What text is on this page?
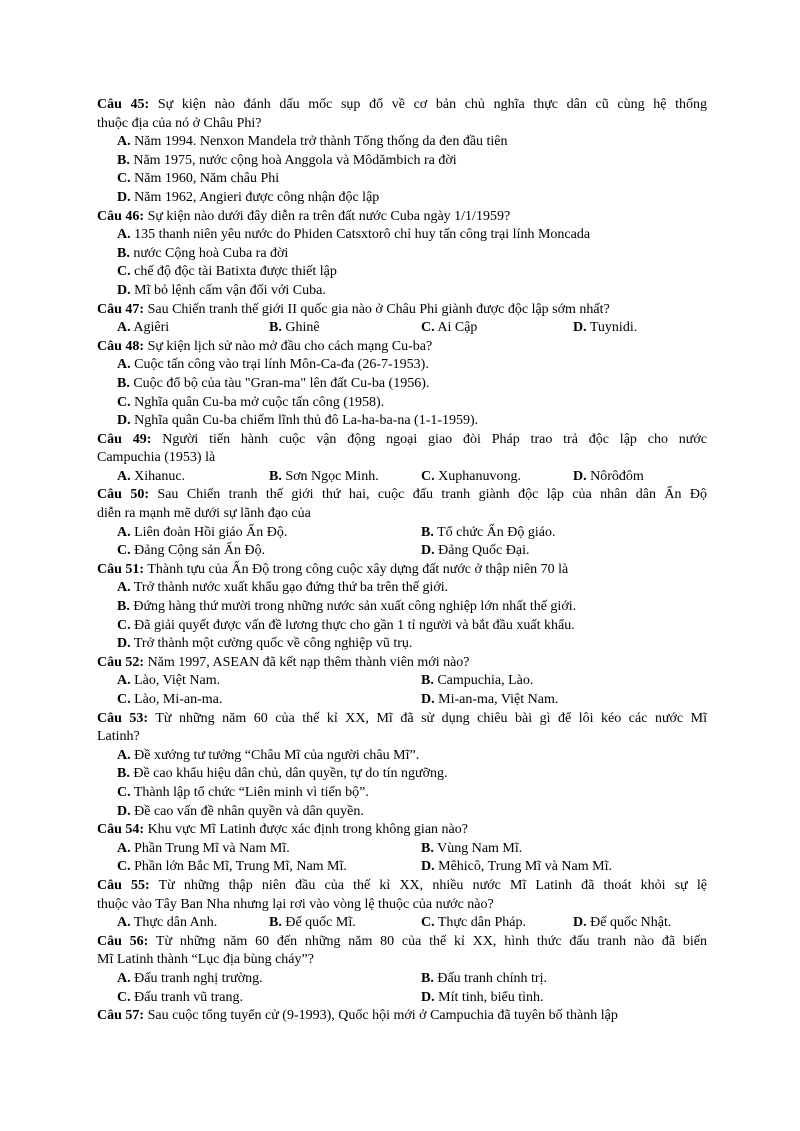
Câu 45: Sự kiện nào đánh dấu mốc sụp đổ về cơ bản chủ nghĩa thực dân cũ cùng hệ thống
thuộc địa của nó ở Châu Phi?
A. Năm 1994. Nenxon Mandela trở thành Tổng thống da đen đầu tiên
B. Năm 1975, nước cộng hoà Anggola và Môdămbich ra đời
C. Năm 1960, Năm châu Phi
D. Năm 1962, Angieri được công nhận độc lập
Câu 46: Sự kiện nào dưới đây diễn ra trên đất nước Cuba ngày 1/1/1959?
A. 135 thanh niên yêu nước do Phiden Catsxtorô chỉ huy tấn công trại lính Moncada
B. nước Cộng hoà Cuba ra đời
C. chế độ độc tài Batixta được thiết lập
D. Mĩ bỏ lệnh cấm vận đối với Cuba.
Câu 47: Sau Chiến tranh thế giới II quốc gia nào ở Châu Phi giành được độc lập sớm nhất?
A. Agiêri	B. Ghinê	C. Ai Cập	D. Tuynidi.
Câu 48: Sự kiện lịch sử nào mở đầu cho cách mạng Cu-ba?
A. Cuộc tấn công vào trại lính Môn-Ca-đa (26-7-1953).
B. Cuộc đổ bộ của tàu "Gran-ma" lên đất Cu-ba (1956).
C. Nghĩa quân Cu-ba mở cuộc tấn công (1958).
D. Nghĩa quân Cu-ba chiếm lĩnh thủ đô La-ha-ba-na (1-1-1959).
Câu 49: Người tiến hành cuộc vận động ngoại giao đòi Pháp trao trả độc lập cho nước
Campuchia (1953) là
A. Xihanuc.	B. Sơn Ngọc Minh.	C. Xuphanuvong.	D. Nôrôđôm
Câu 50: Sau Chiến tranh thế giới thứ hai, cuộc đấu tranh giành độc lập của nhân dân Ấn Độ
diễn ra mạnh mẽ dưới sự lãnh đạo của
A. Liên đoàn Hồi giáo Ấn Độ.	B. Tổ chức Ấn Độ giáo.
C. Đảng Cộng sản Ấn Độ.	D. Đảng Quốc Đại.
Câu 51: Thành tựu của Ấn Độ trong công cuộc xây dựng đất nước ở thập niên 70 là
A. Trở thành nước xuất khẩu gạo đứng thứ ba trên thế giới.
B. Đứng hàng thứ mười trong những nước sản xuất công nghiệp lớn nhất thế giới.
C. Đã giải quyết được vấn đề lương thực cho gần 1 tỉ người và bắt đầu xuất khẩu.
D. Trở thành một cường quốc về công nghiệp vũ trụ.
Câu 52: Năm 1997, ASEAN đã kết nạp thêm thành viên mới nào?
A. Lào, Việt Nam.	B. Campuchia, Lào.
C. Lào, Mi-an-ma.	D. Mi-an-ma, Việt Nam.
Câu 53: Từ những năm 60 của thế kỉ XX, Mĩ đã sử dụng chiêu bài gì để lôi kéo các nước Mĩ
Latinh?
A. Đề xướng tư tưởng “Châu Mĩ của người châu Mĩ”.
B. Đề cao khẩu hiệu dân chủ, dân quyền, tự do tín ngưỡng.
C. Thành lập tổ chức “Liên minh vì tiến bộ”.
D. Đề cao vấn đề nhân quyền và dân quyền.
Câu 54: Khu vực Mĩ Latinh được xác định trong không gian nào?
A. Phần Trung Mĩ và Nam Mĩ.	B. Vùng Nam Mĩ.
C. Phần lớn Bắc Mĩ, Trung Mĩ, Nam Mĩ.	D. Mêhicô, Trung Mĩ và Nam Mĩ.
Câu 55: Từ những thập niên đầu của thế kỉ XX, nhiều nước Mĩ Latinh đã thoát khỏi sự lệ
thuộc vào Tây Ban Nha nhưng lại rơi vào vòng lệ thuộc của nước nào?
A. Thực dân Anh.	B. Đế quốc Mĩ.	C. Thực dân Pháp.	D. Đế quốc Nhật.
Câu 56: Từ những năm 60 đến những năm 80 của thế kỉ XX, hình thức đấu tranh nào đã biến
Mĩ Latinh thành “Lục địa bùng cháy”?
A. Đấu tranh nghị trường.	B. Đấu tranh chính trị.
C. Đấu tranh vũ trang.	D. Mít tinh, biểu tình.
Câu 57: Sau cuộc tổng tuyển cử (9-1993), Quốc hội mới ở Campuchia đã tuyên bố thành lập
